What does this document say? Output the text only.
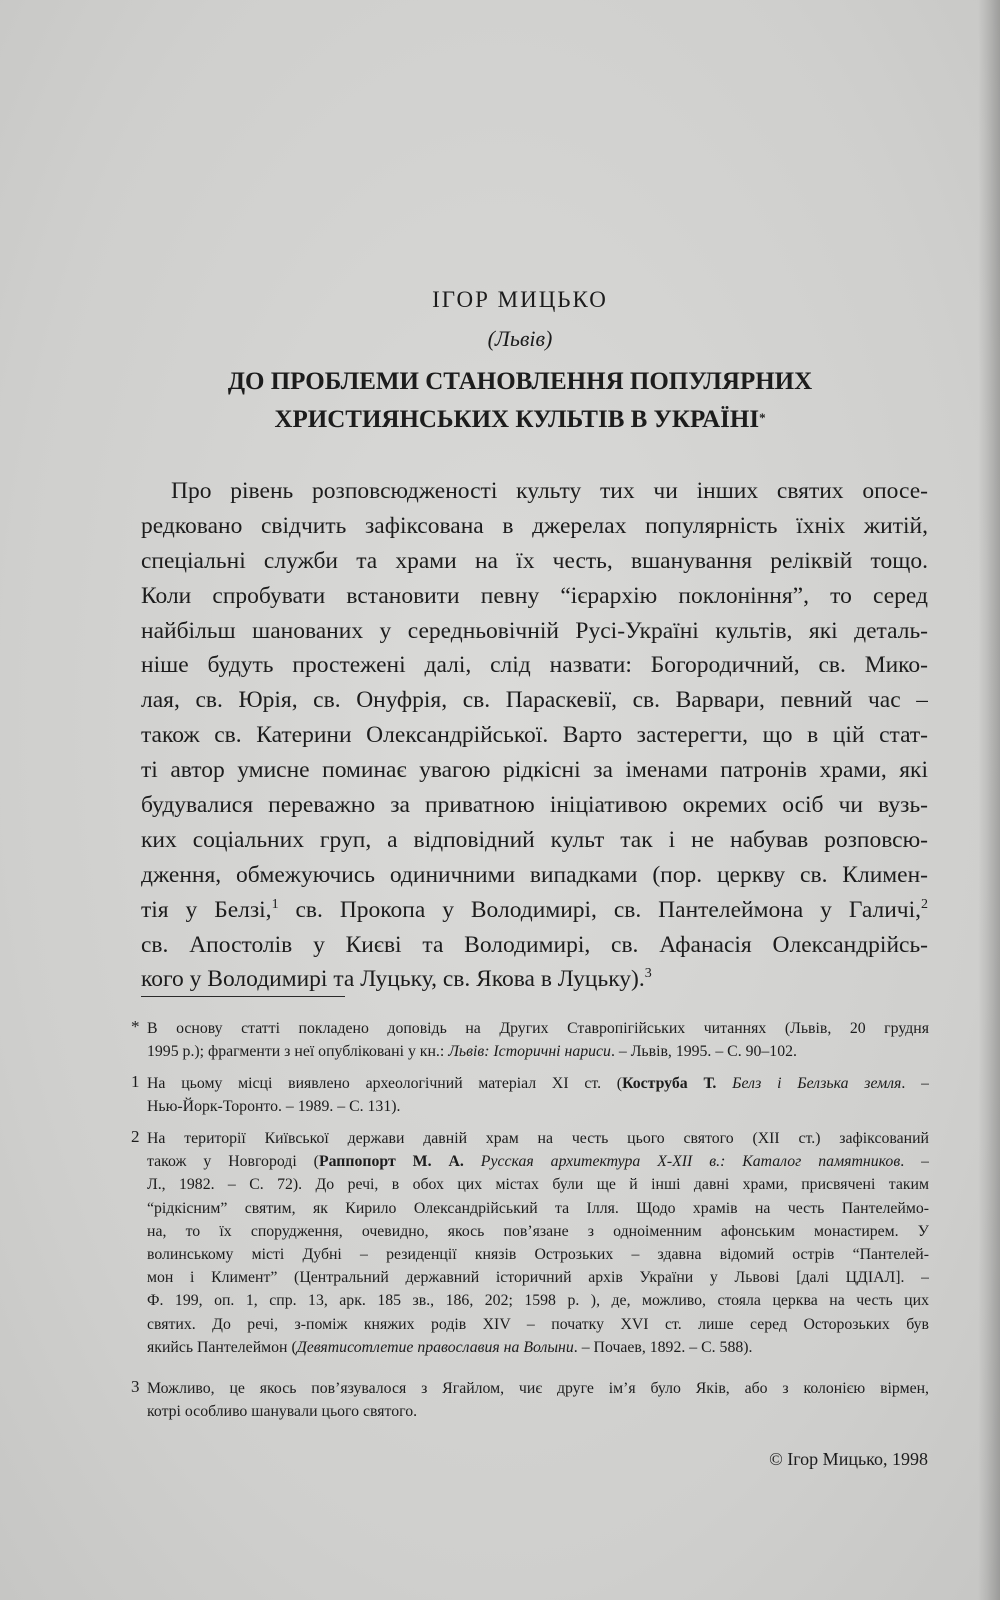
ІГОР МИЦЬКО
(Львів)
ДО ПРОБЛЕМИ СТАНОВЛЕННЯ ПОПУЛЯРНИХ
ХРИСТИЯНСЬКИХ КУЛЬТІВ В УКРАЇНІ*
Про рівень розповсюдженості культу тих чи інших святих опосе-
редковано свідчить зафіксована в джерелах популярність їхніх житій,
спеціальні служби та храми на їх честь, вшанування реліквій тощо.
Коли спробувати встановити певну “ієрархію поклоніння”, то серед
найбільш шанованих у середньовічній Русі-Україні культів, які деталь-
ніше будуть простежені далі, слід назвати: Богородичний, св. Мико-
лая, св. Юрія, св. Онуфрія, св. Параскевії, св. Варвари, певний час –
також св. Катерини Олександрійської. Варто застерегти, що в цій стат-
ті автор умисне поминає увагою рідкісні за іменами патронів храми, які
будувалися переважно за приватною ініціативою окремих осіб чи вузь-
ких соціальних груп, а відповідний культ так і не набував розповсю-
дження, обмежуючись одиничними випадками (пор. церкву св. Климен-
тія у Белзі,$^1$ св. Прокопа у Володимирі, св. Пантелеймона у Галичі,$^2$
св. Апостолів у Києві та Володимирі, св. Афанасія Олександрійсь-
кого у Володимирі та Луцьку, св. Якова в Луцьку).$^3$
* В основу статті покладено доповідь на Других Ставропігійських читаннях (Львів, 20 грудня
1995 р.); фрагменти з неї опубліковані у кн.: Львів: Історичні нариси. – Львів, 1995. – С. 90–102.
1 На цьому місці виявлено археологічний матеріал XI ст. (Коструба Т. Белз і Белзька земля. –
Нью-Йорк-Торонто. – 1989. – С. 131).
2 На території Київської держави давній храм на честь цього святого (XII ст.) зафіксований
також у Новгороді (Раппопорт М. А. Русская архитектура X-XII в.: Каталог памятников. –
Л., 1982. – С. 72). До речі, в обох цих містах були ще й інші давні храми, присвячені таким
“рідкісним” святим, як Кирило Олександрійський та Ілля. Щодо храмів на честь Пантелеймо-
на, то їх спорудження, очевидно, якось пов’язане з одноіменним афонським монастирем. У
волинському місті Дубні – резиденції князів Острозьких – здавна відомий острів “Пантелей-
мон і Климент” (Центральний державний історичний архів України у Львові [далі ЦДІАЛ]. –
Ф. 199, оп. 1, спр. 13, арк. 185 зв., 186, 202; 1598 р. ), де, можливо, стояла церква на честь цих
святих. До речі, з-поміж княжих родів XIV – початку XVI ст. лише серед Осторозьких був
якийсь Пантелеймон (Девятисотлетие православия на Волыни. – Почаев, 1892. – С. 588).
3 Можливо, це якось пов’язувалося з Ягайлом, чиє друге ім’я було Яків, або з колонією вірмен,
котрі особливо шанували цього святого.
© Ігор Мицько, 1998
